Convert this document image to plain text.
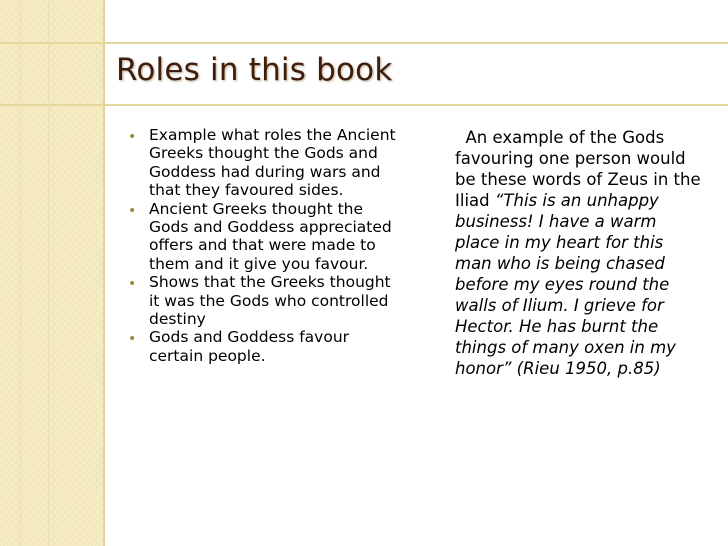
Roles in this book
• Example what roles the Ancient Greeks thought the Gods and Goddess had during wars and that they favoured sides.
• Ancient Greeks thought the Gods and Goddess appreciated offers and that were made to them and it give you favour.
• Shows that the Greeks thought it was the Gods who controlled destiny
• Gods and Goddess favour certain people.

An example of the Gods favouring one person would be these words of Zeus in the Iliad “This is an unhappy business! I have a warm place in my heart for this man who is being chased before my eyes round the walls of Ilium. I grieve for Hector. He has burnt the things of many oxen in my honor” (Rieu 1950, p.85)
